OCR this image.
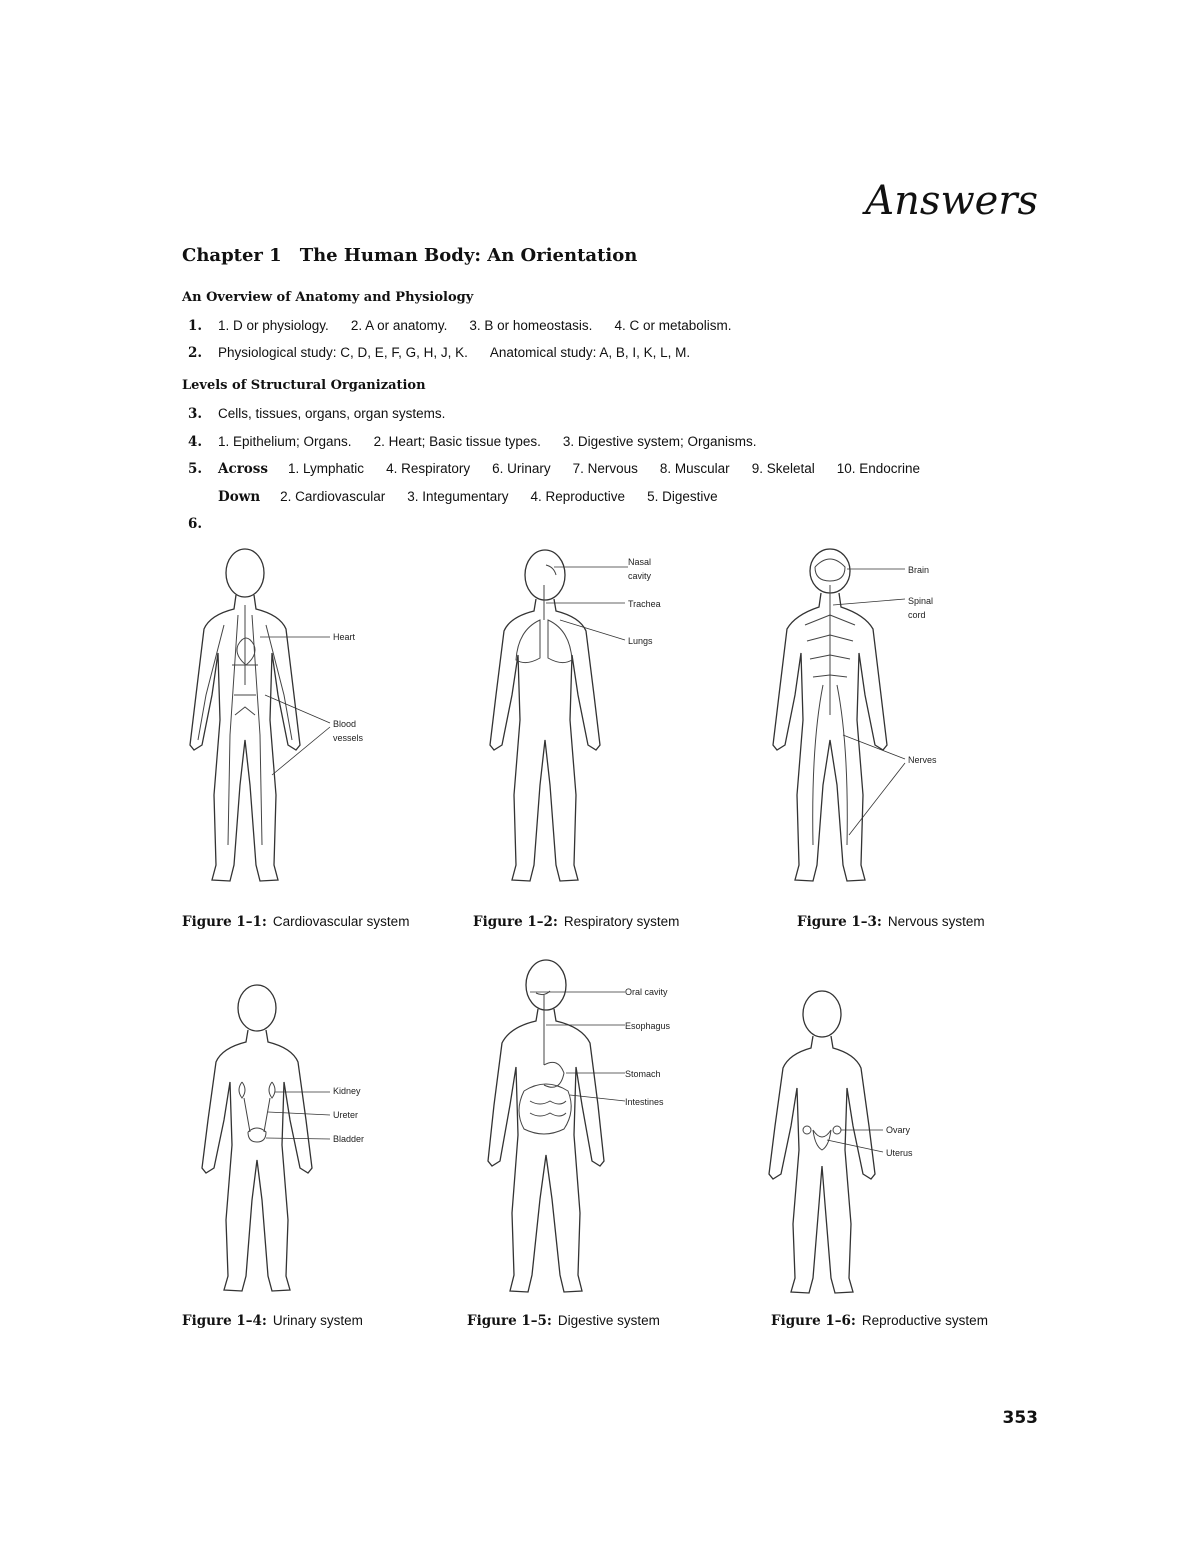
Answers
Chapter 1 The Human Body: An Orientation
An Overview of Anatomy and Physiology
1. 1. D or physiology. 2. A or anatomy. 3. B or homeostasis. 4. C or metabolism.
2. Physiological study: C, D, E, F, G, H, J, K. Anatomical study: A, B, I, K, L, M.
Levels of Structural Organization
3. Cells, tissues, organs, organ systems.
4. 1. Epithelium; Organs. 2. Heart; Basic tissue types. 3. Digestive system; Organisms.
5. Across 1. Lymphatic 4. Respiratory 6. Urinary 7. Nervous 8. Muscular 9. Skeletal 10. Endocrine
Down 2. Cardiovascular 3. Integumentary 4. Reproductive 5. Digestive
6.
Heart
Blood
vessels
Figure 1–1: Cardiovascular system
Nasal
cavity
Trachea
Lungs
Figure 1–2: Respiratory system
Brain
Spinal
cord
Nerves
Figure 1–3: Nervous system
Kidney
Ureter
Bladder
Figure 1–4: Urinary system
Oral cavity
Esophagus
Stomach
Intestines
Figure 1–5: Digestive system
Ovary
Uterus
Figure 1–6: Reproductive system
353
